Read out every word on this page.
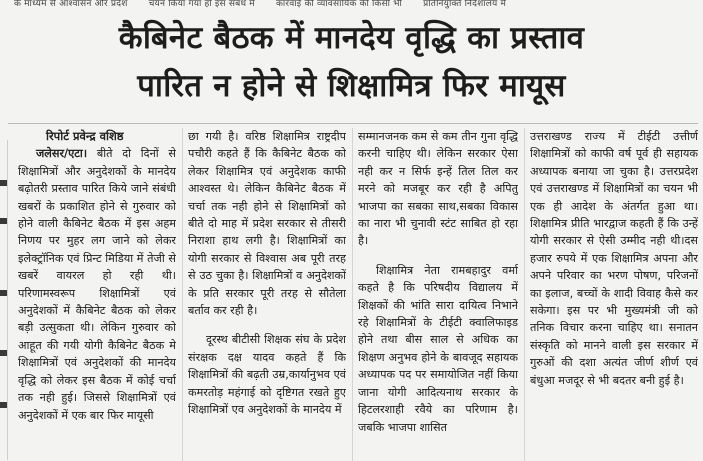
के माध्यम से आश्वासन और प्रदेश चयन किया गया हो इस संबंध में कारवाई की व्यावसायिक की किसी भी प्रतिनियुक्ति निदेशालय में
कैबिनेट बैठक में मानदेय वृद्धि का प्रस्ताव
पारित न होने से शिक्षामित्र फिर मायूस

रिपोर्ट प्रवेन्द्र वशिष्ठ

जलेसर/एटा। बीते दो दिनों से शिक्षामित्रों और अनुदेशकों के मानदेय बढ़ोतरी प्रस्ताव पारित किये जाने संबंधी खबरों के प्रकाशित होने से गुरुवार को होने वाली कैबिनेट बैठक में इस अहम निणय पर मुहर लग जाने को लेकर इलेक्ट्रॉनिक एवं प्रिन्ट मिडिया में तेजी से खबरें वायरल हो रही थी। परिणामस्वरूप शिक्षामित्रों एवं अनुदेशकों में कैबिनेट बैठक को लेकर बड़ी उत्सुकता थी। लेकिन गुरुवार को आहूत की गयी योगी कैबिनेट बैठक मे शिक्षामित्रों एवं अनुदेशकों की मानदेय वृद्धि को लेकर इस बैठक में कोई चर्चा तक नही हुई। जिससे शिक्षामित्रों एवं अनुदेशकों में एक बार फिर मायूसी

छा गयी है। वरिष्ठ शिक्षामित्र राष्ट्रदीप पचौरी कहते हैं कि कैबिनेट बैठक को लेकर शिक्षामित्र एवं अनुदेशक काफी आश्वस्त थे। लेकिन कैबिनेट बैठक में चर्चा तक नही होने से शिक्षामित्रों को बीते दो माह में प्रदेश सरकार से तीसरी निराशा हाथ लगी है। शिक्षामित्रों का योगी सरकार से विश्वास अब पूरी तरह से उठ चुका है। शिक्षामित्रों व अनुदेशकों के प्रति सरकार पूरी तरह से सौतेला बर्ताव कर रही है।

दूरस्थ बीटीसी शिक्षक संघ के प्रदेश संरक्षक दक्ष यादव कहते हैं कि शिक्षामित्रों की बढ़ती उम्र,कार्यानुभव एवं कमरतोड़ महंगाई को दृष्टिगत रखते हुए शिक्षामित्रों एव अनुदेशकों के मानदेय में

सम्मानजनक कम से कम तीन गुना वृद्धि करनी चाहिए थी। लेकिन सरकार ऐसा नही कर न सिर्फ इन्हें तिल तिल कर मरने को मजबूर कर रही है अपितु भाजपा का सबका साथ,सबका विकास का नारा भी चुनावी स्टंट साबित हो रहा है।

शिक्षामित्र नेता रामबहादुर वर्मा कहते है कि परिषदीय विद्यालय में शिक्षकों की भांति सारा दायित्व निभाने रहे शिक्षामित्रों के टीईटी क्वालिफाइड होने तथा बीस साल से अधिक का शिक्षण अनुभव होने के बावजूद सहायक अध्यापक पद पर समायोजित नहीं किया जाना योगी आदित्यनाथ सरकार के हिटलरशाही रवैये का परिणाम है। जबकि भाजपा शासित

उत्तराखण्ड राज्य में टीईटी उत्तीर्ण शिक्षामित्रों को काफी वर्ष पूर्व ही सहायक अध्यापक बनाया जा चुका है। उत्तरप्रदेश एवं उत्तराखण्ड में शिक्षामित्रों का चयन भी एक ही आदेश के अंतर्गत हुआ था। शिक्षामित्र प्रीति भारद्वाज कहती हैं कि उन्हें योगी सरकार से ऐसी उम्मीद नही थी।दस हजार रुपये में एक शिक्षामित्र अपना और अपने परिवार का भरण पोषण, परिजनों का इलाज, बच्चों के शादी विवाह कैसे कर सकेगा। इस पर भी मुख्यमंत्री जी को तनिक विचार करना चाहिए था। सनातन संस्कृति को मानने वाली इस सरकार में गुरुओं की दशा अत्यंत जीर्ण शीर्ण एवं बंधुआ मजदूर से भी बदतर बनी हुई है।
